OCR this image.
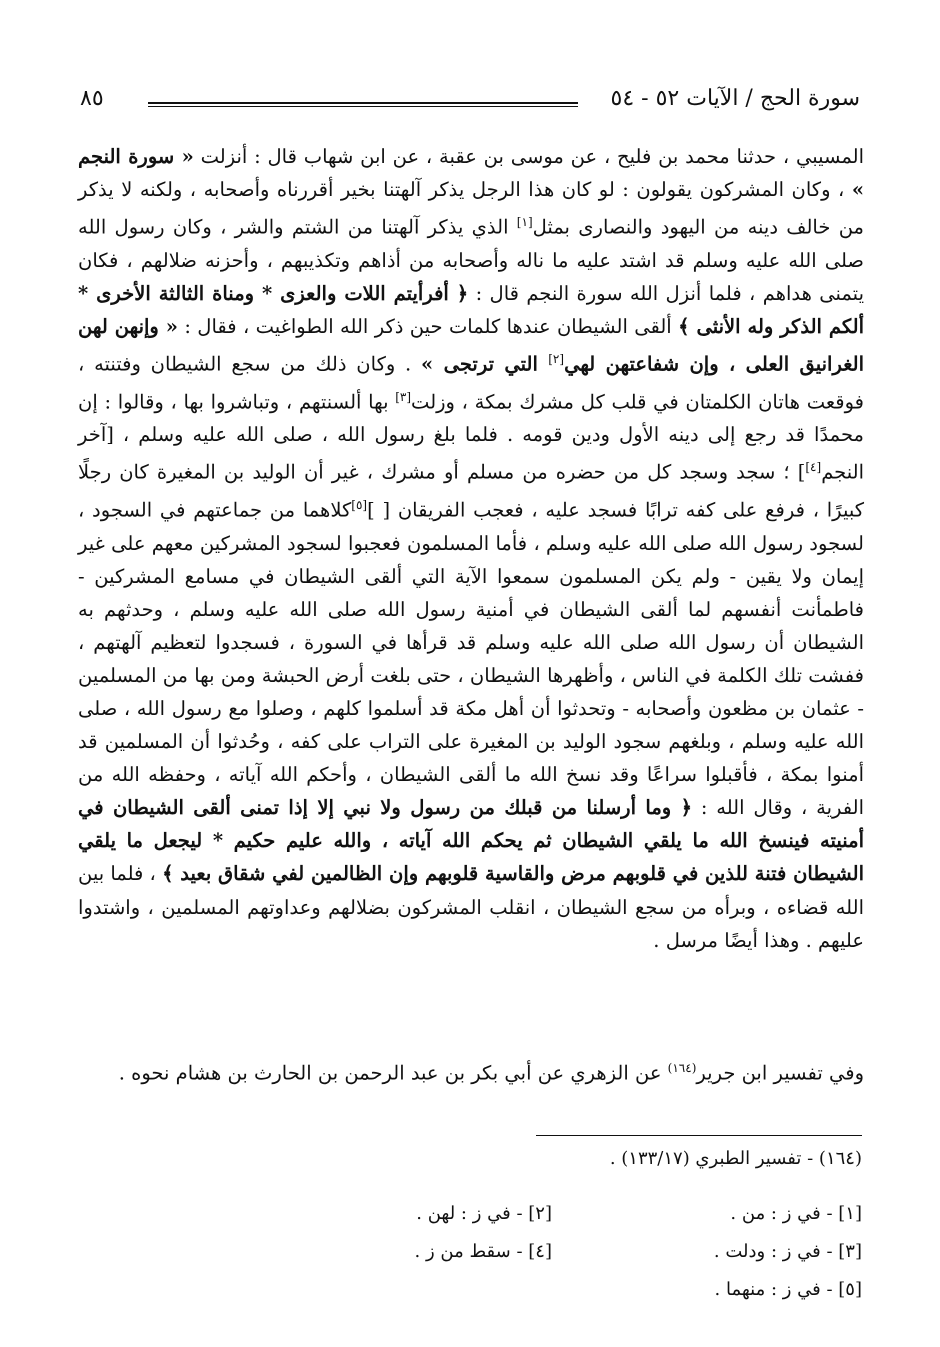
سورة الحج / الآيات ٥٢ - ٥٤
٨٥

المسيبي ، حدثنا محمد بن فليح ، عن موسى بن عقبة ، عن ابن شهاب قال : أنزلت « سورة النجم » ، وكان المشركون يقولون : لو كان هذا الرجل يذكر آلهتنا بخير أقررناه وأصحابه ، ولكنه لا يذكر من خالف دينه من اليهود والنصارى بمثل[١] الذي يذكر آلهتنا من الشتم والشر ، وكان رسول الله صلى الله عليه وسلم قد اشتد عليه ما ناله وأصحابه من أذاهم وتكذيبهم ، وأحزنه ضلالهم ، فكان يتمنى هداهم ، فلما أنزل الله سورة النجم قال : ﴿ أفرأيتم اللات والعزى * ومناة الثالثة الأخرى * ألكم الذكر وله الأنثى ﴾ ألقى الشيطان عندها كلمات حين ذكر الله الطواغيت ، فقال : « وإنهن لهن الغرانيق العلى ، وإن شفاعتهن لهي[٢] التي ترتجى » . وكان ذلك من سجع الشيطان وفتنته ، فوقعت هاتان الكلمتان في قلب كل مشرك بمكة ، وزلت[٣] بها ألسنتهم ، وتباشروا بها ، وقالوا : إن محمدًا قد رجع إلى دينه الأول ودين قومه . فلما بلغ رسول الله ، صلى الله عليه وسلم ، [آخر النجم[٤]] ؛ سجد وسجد كل من حضره من مسلم أو مشرك ، غير أن الوليد بن المغيرة كان رجلًا كبيرًا ، فرفع على كفه ترابًا فسجد عليه ، فعجب الفريقان [ ][٥]كلاهما من جماعتهم في السجود ، لسجود رسول الله صلى الله عليه وسلم ، فأما المسلمون فعجبوا لسجود المشركين معهم على غير إيمان ولا يقين - ولم يكن المسلمون سمعوا الآية التي ألقى الشيطان في مسامع المشركين - فاطمأنت أنفسهم لما ألقى الشيطان في أمنية رسول الله صلى الله عليه وسلم ، وحدثهم به الشيطان أن رسول الله صلى الله عليه وسلم قد قرأها في السورة ، فسجدوا لتعظيم آلهتهم ، ففشت تلك الكلمة في الناس ، وأظهرها الشيطان ، حتى بلغت أرض الحبشة ومن بها من المسلمين - عثمان بن مظعون وأصحابه - وتحدثوا أن أهل مكة قد أسلموا كلهم ، وصلوا مع رسول الله ، صلى الله عليه وسلم ، وبلغهم سجود الوليد بن المغيرة على التراب على كفه ، وحُدثوا أن المسلمين قد أمنوا بمكة ، فأقبلوا سراعًا وقد نسخ الله ما ألقى الشيطان ، وأحكم الله آياته ، وحفظه الله من الفرية ، وقال الله : ﴿ وما أرسلنا من قبلك من رسول ولا نبي إلا إذا تمنى ألقى الشيطان في أمنيته فينسخ الله ما يلقي الشيطان ثم يحكم الله آياته ، والله عليم حكيم * ليجعل ما يلقي الشيطان فتنة للذين في قلوبهم مرض والقاسية قلوبهم وإن الظالمين لفي شقاق بعيد ﴾ ، فلما بين الله قضاءه ، وبرأه من سجع الشيطان ، انقلب المشركون بضلالهم وعداوتهم المسلمين ، واشتدوا عليهم . وهذا أيضًا مرسل .

وفي تفسير ابن جرير$^{(١٦٤)}$ عن الزهري عن أبي بكر بن عبد الرحمن بن الحارث بن هشام نحوه .
(١٦٤) - تفسير الطبري (١٣٣/١٧) .
[١] - في ز : من .
[٣] - في ز : ودلت .
[٥] - في ز : منهما .
[٢] - في ز : لهن .
[٤] - سقط من ز .
